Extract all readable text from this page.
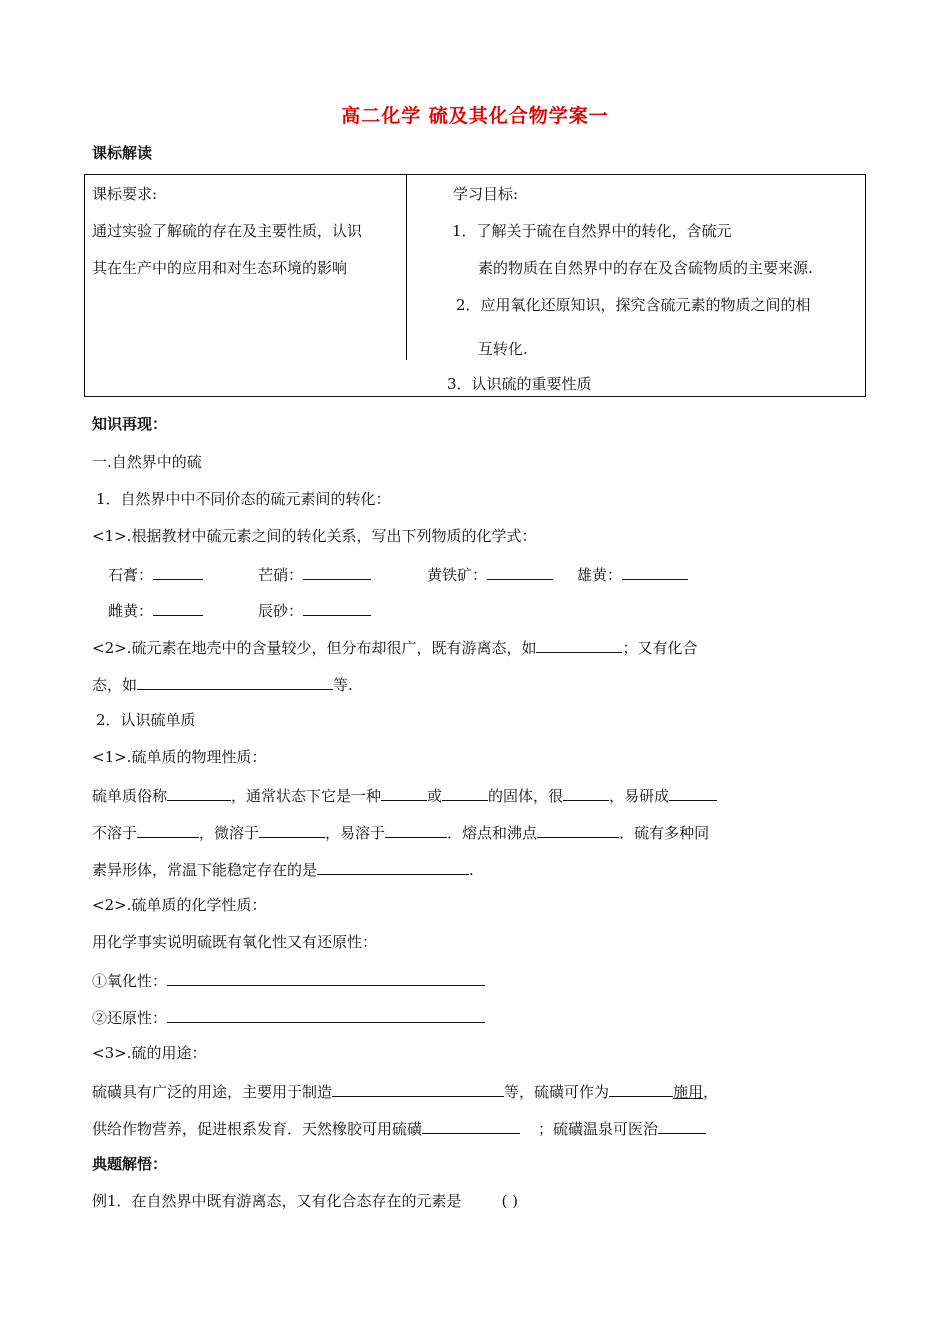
高二化学 硫及其化合物学案一
课标解读
课标要求:
通过实验了解硫的存在及主要性质，认识
其在生产中的应用和对生态环境的影响
学习目标:
1．了解关于硫在自然界中的转化，含硫元
素的物质在自然界中的存在及含硫物质的主要来源.
2．应用氧化还原知识，探究含硫元素的物质之间的相
互转化.
3．认识硫的重要性质
知识再现：
一.自然界中的硫
1．自然界中中不同价态的硫元素间的转化：
<1>.根据教材中硫元素之间的转化关系，写出下列物质的化学式：
石膏：	芒硝：	黄铁矿：	雄黄：
雌黄：	辰砂：
<2>.硫元素在地壳中的含量较少，但分布却很广，既有游离态，如	；又有化合
态，如	等.
2．认识硫单质
<1>.硫单质的物理性质：
硫单质俗称	，通常状态下它是一种	或	的固体，很	，易研成
不溶于	，微溶于	，易溶于	．熔点和沸点	．硫有多种同
素异形体，常温下能稳定存在的是	.
<2>.硫单质的化学性质：
用化学事实说明硫既有氧化性又有还原性：
①氧化性：
②还原性：
<3>.硫的用途：
硫磺具有广泛的用途，主要用于制造	等，硫磺可作为	施用，
供给作物营养，促进根系发育．天然橡胶可用硫磺	；硫磺温泉可医治
典题解悟：
例1．在自然界中既有游离态，又有化合态存在的元素是	( )
